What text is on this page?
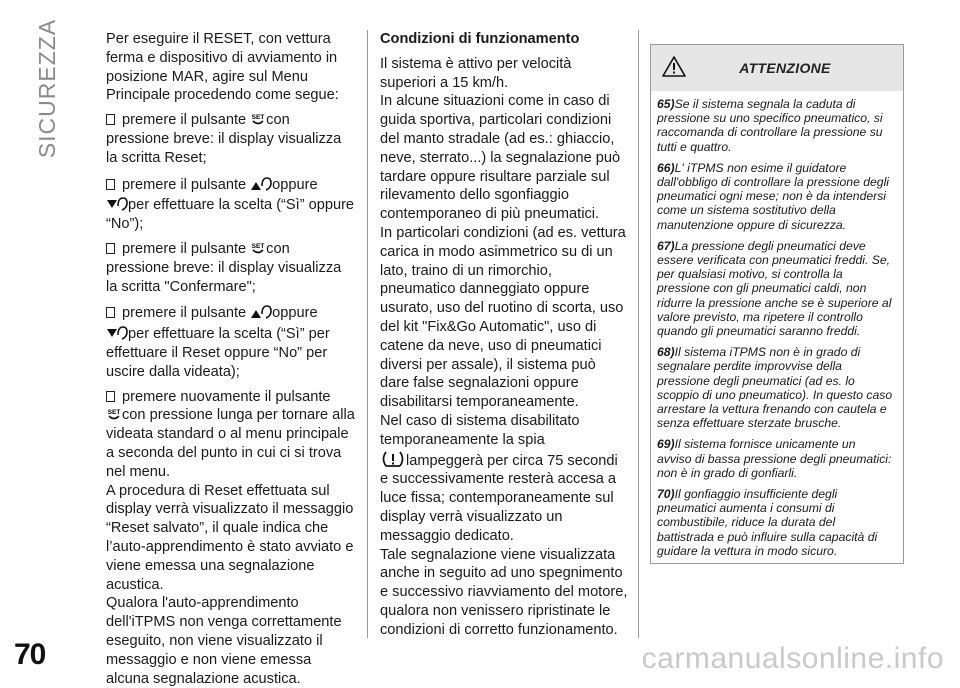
SICUREZZA	Per eseguire il RESET, con vettura ferma e dispositivo di avviamento in posizione MAR, agire sul Menu Principale procedendo come segue:

premere il pulsante SET con pressione breve: il display visualizza la scritta Reset;

premere il pulsante oppure
per effettuare la scelta (“Sì” oppure “No”);

premere il pulsante SET con pressione breve: il display visualizza la scritta "Confermare";

premere il pulsante oppure
per effettuare la scelta (“Sì” per effettuare il Reset oppure “No” per uscire dalla videata);

premere nuovamente il pulsante

SET con pressione lunga per tornare alla videata standard o al menu principale a seconda del punto in cui ci si trova nel menu.

A procedura di Reset effettuata sul display verrà visualizzato il messaggio “Reset salvato”, il quale indica che l’auto-apprendimento è stato avviato e viene emessa una segnalazione acustica.

Qualora l'auto-apprendimento dell'iTPMS non venga correttamente eseguito, non viene visualizzato il messaggio e non viene emessa alcuna segnalazione acustica.

Condizioni di funzionamento

Il sistema è attivo per velocità superiori a 15 km/h.

In alcune situazioni come in caso di guida sportiva, particolari condizioni del manto stradale (ad es.: ghiaccio, neve, sterrato...) la segnalazione può tardare oppure risultare parziale sul rilevamento dello sgonfiaggio contemporaneo di più pneumatici.

In particolari condizioni (ad es. vettura carica in modo asimmetrico su di un lato, traino di un rimorchio, pneumatico danneggiato oppure usurato, uso del ruotino di scorta, uso del kit "Fix&Go Automatic", uso di catene da neve, uso di pneumatici diversi per assale), il sistema può dare false segnalazioni oppure disabilitarsi temporaneamente.

Nel caso di sistema disabilitato temporaneamente la spia
lampeggerà per circa 75 secondi e successivamente resterà accesa a luce fissa; contemporaneamente sul display verrà visualizzato un messaggio dedicato.

Tale segnalazione viene visualizzata anche in seguito ad uno spegnimento e successivo riavviamento del motore, qualora non venissero ripristinate le condizioni di corretto funzionamento.

ATTENZIONE

65)Se il sistema segnala la caduta di pressione su uno specifico pneumatico, si raccomanda di controllare la pressione su tutti e quattro.

66)L' iTPMS non esime il guidatore dall'obbligo di controllare la pressione degli pneumatici ogni mese; non è da intendersi come un sistema sostitutivo della manutenzione oppure di sicurezza.

67)La pressione degli pneumatici deve essere verificata con pneumatici freddi. Se, per qualsiasi motivo, si controlla la pressione con gli pneumatici caldi, non ridurre la pressione anche se è superiore al valore previsto, ma ripetere il controllo quando gli pneumatici saranno freddi.

68)Il sistema iTPMS non è in grado di segnalare perdite improvvise della pressione degli pneumatici (ad es. lo scoppio di uno pneumatico). In questo caso arrestare la vettura frenando con cautela e senza effettuare sterzate brusche.

69)Il sistema fornisce unicamente un avviso di bassa pressione degli pneumatici: non è in grado di gonfiarli.

70)Il gonfiaggio insufficiente degli pneumatici aumenta i consumi di combustibile, riduce la durata del battistrada e può influire sulla capacità di guidare la vettura in modo sicuro.

70	carmanualsonline.info
